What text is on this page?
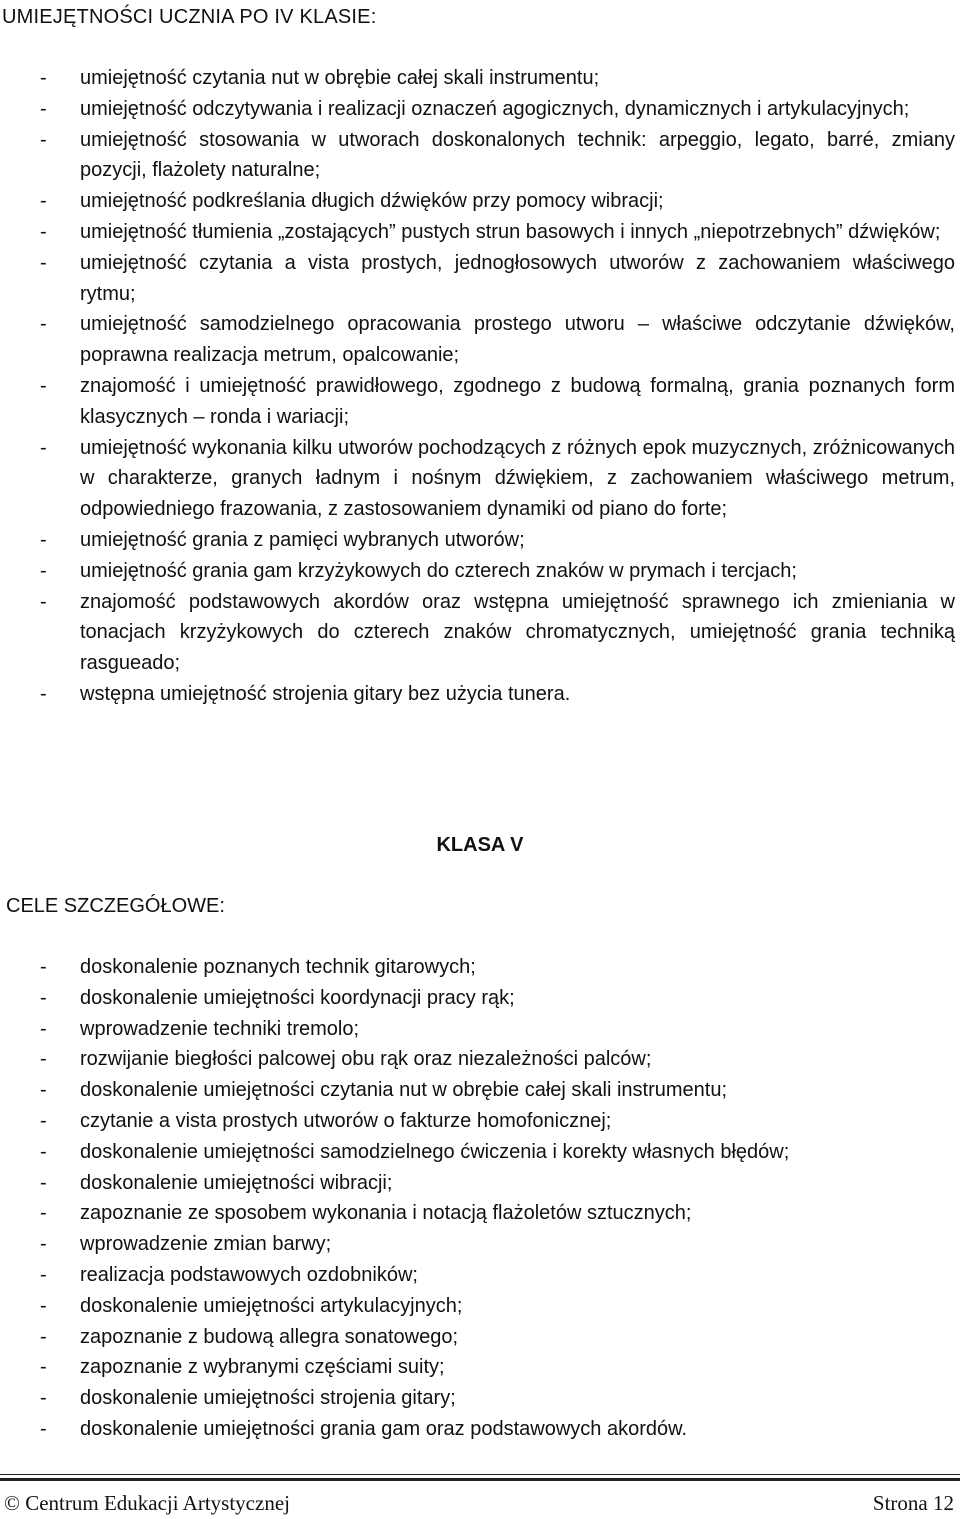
UMIEJĘTNOŚCI UCZNIA PO IV KLASIE:
- umiejętność czytania nut w obrębie całej skali instrumentu;
- umiejętność odczytywania i realizacji oznaczeń agogicznych, dynamicznych i artykulacyjnych;
- umiejętność stosowania w utworach doskonalonych technik: arpeggio, legato, barré, zmiany pozycji, flażolety naturalne;
- umiejętność podkreślania długich dźwięków przy pomocy wibracji;
- umiejętność tłumienia „zostających” pustych strun basowych i innych „niepotrzebnych” dźwięków;
- umiejętność czytania a vista prostych, jednogłosowych utworów z zachowaniem właściwego rytmu;
- umiejętność samodzielnego opracowania prostego utworu – właściwe odczytanie dźwięków, poprawna realizacja metrum, opalcowanie;
- znajomość i umiejętność prawidłowego, zgodnego z budową formalną, grania poznanych form klasycznych – ronda i wariacji;
- umiejętność wykonania kilku utworów pochodzących z różnych epok muzycznych, zróżnicowanych w charakterze, granych ładnym i nośnym dźwiękiem, z zachowaniem właściwego metrum, odpowiedniego frazowania, z zastosowaniem dynamiki od piano do forte;
- umiejętność grania z pamięci wybranych utworów;
- umiejętność grania gam krzyżykowych do czterech znaków w prymach i tercjach;
- znajomość podstawowych akordów oraz wstępna umiejętność sprawnego ich zmieniania w tonacjach krzyżykowych do czterech znaków chromatycznych, umiejętność grania techniką rasgueado;
- wstępna umiejętność strojenia gitary bez użycia tunera.
KLASA V
CELE SZCZEGÓŁOWE:
- doskonalenie poznanych technik gitarowych;
- doskonalenie umiejętności koordynacji pracy rąk;
- wprowadzenie techniki tremolo;
- rozwijanie biegłości palcowej obu rąk oraz niezależności palców;
- doskonalenie umiejętności czytania nut w obrębie całej skali instrumentu;
- czytanie a vista prostych utworów o fakturze homofonicznej;
- doskonalenie umiejętności samodzielnego ćwiczenia i korekty własnych błędów;
- doskonalenie umiejętności wibracji;
- zapoznanie ze sposobem wykonania i notacją flażoletów sztucznych;
- wprowadzenie zmian barwy;
- realizacja podstawowych ozdobników;
- doskonalenie umiejętności artykulacyjnych;
- zapoznanie z budową allegra sonatowego;
- zapoznanie z wybranymi częściami suity;
- doskonalenie umiejętności strojenia gitary;
- doskonalenie umiejętności grania gam oraz podstawowych akordów.
© Centrum Edukacji Artystycznej	Strona 12
